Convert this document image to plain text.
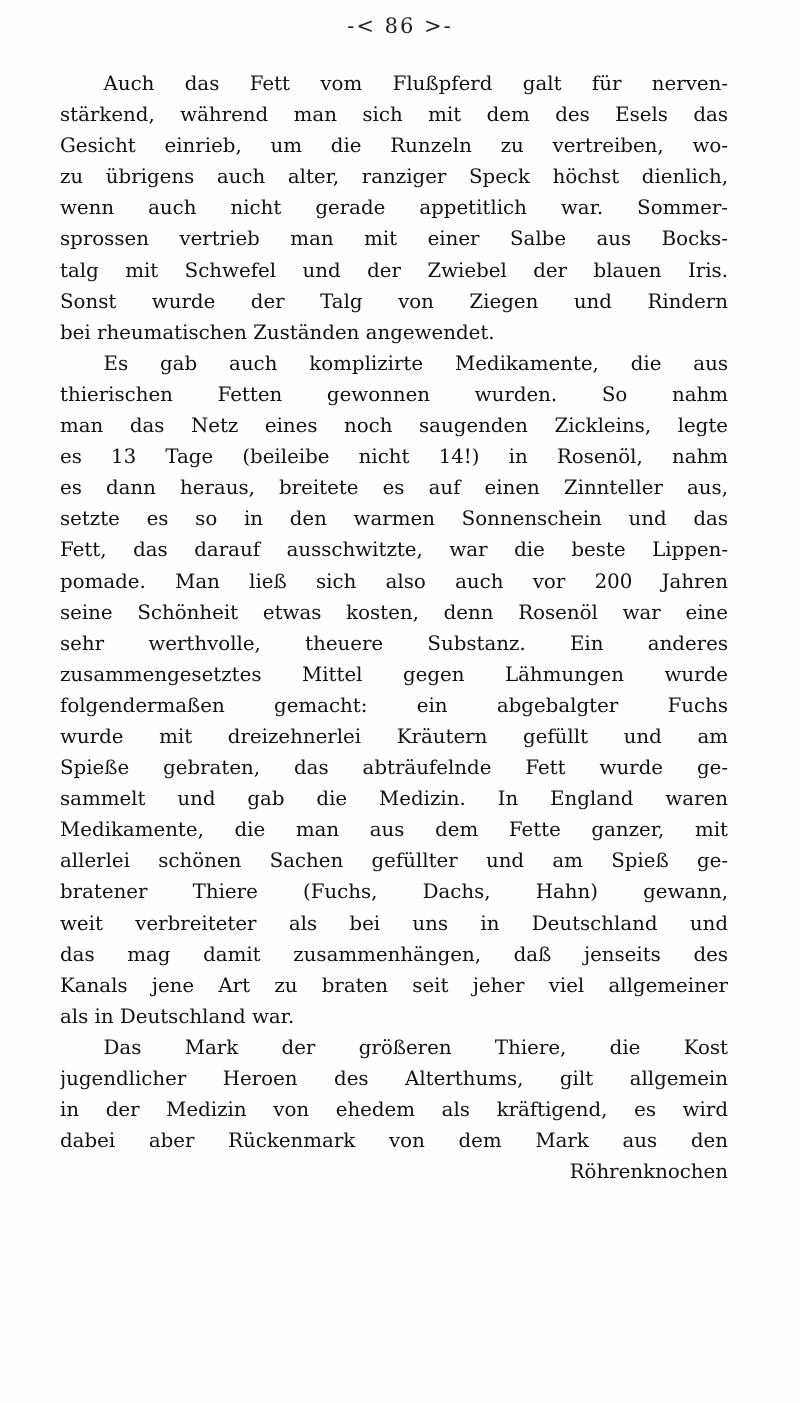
-< 86 >-
Auch das Fett vom Flußpferd galt für nerven-
stärkend, während man sich mit dem des Esels das
Gesicht einrieb, um die Runzeln zu vertreiben, wo-
zu übrigens auch alter, ranziger Speck höchst dienlich,
wenn auch nicht gerade appetitlich war. Sommer-
sprossen vertrieb man mit einer Salbe aus Bocks-
talg mit Schwefel und der Zwiebel der blauen Iris.
Sonst wurde der Talg von Ziegen und Rindern
bei rheumatischen Zuständen angewendet.
Es gab auch komplizirte Medikamente, die aus
thierischen Fetten gewonnen wurden. So nahm
man das Netz eines noch saugenden Zickleins, legte
es 13 Tage (beileibe nicht 14!) in Rosenöl, nahm
es dann heraus, breitete es auf einen Zinnteller aus,
setzte es so in den warmen Sonnenschein und das
Fett, das darauf ausschwitzte, war die beste Lippen-
pomade. Man ließ sich also auch vor 200 Jahren
seine Schönheit etwas kosten, denn Rosenöl war eine
sehr werthvolle, theuere Substanz. Ein anderes
zusammengesetztes Mittel gegen Lähmungen wurde
folgendermaßen gemacht: ein abgebalgter Fuchs
wurde mit dreizehnerlei Kräutern gefüllt und am
Spieße gebraten, das abträufelnde Fett wurde ge-
sammelt und gab die Medizin. In England waren
Medikamente, die man aus dem Fette ganzer, mit
allerlei schönen Sachen gefüllter und am Spieß ge-
bratener Thiere (Fuchs, Dachs, Hahn) gewann,
weit verbreiteter als bei uns in Deutschland und
das mag damit zusammenhängen, daß jenseits des
Kanals jene Art zu braten seit jeher viel allgemeiner
als in Deutschland war.
Das Mark der größeren Thiere, die Kost
jugendlicher Heroen des Alterthums, gilt allgemein
in der Medizin von ehedem als kräftigend, es wird
dabei aber Rückenmark von dem Mark aus den
Röhrenknochen
